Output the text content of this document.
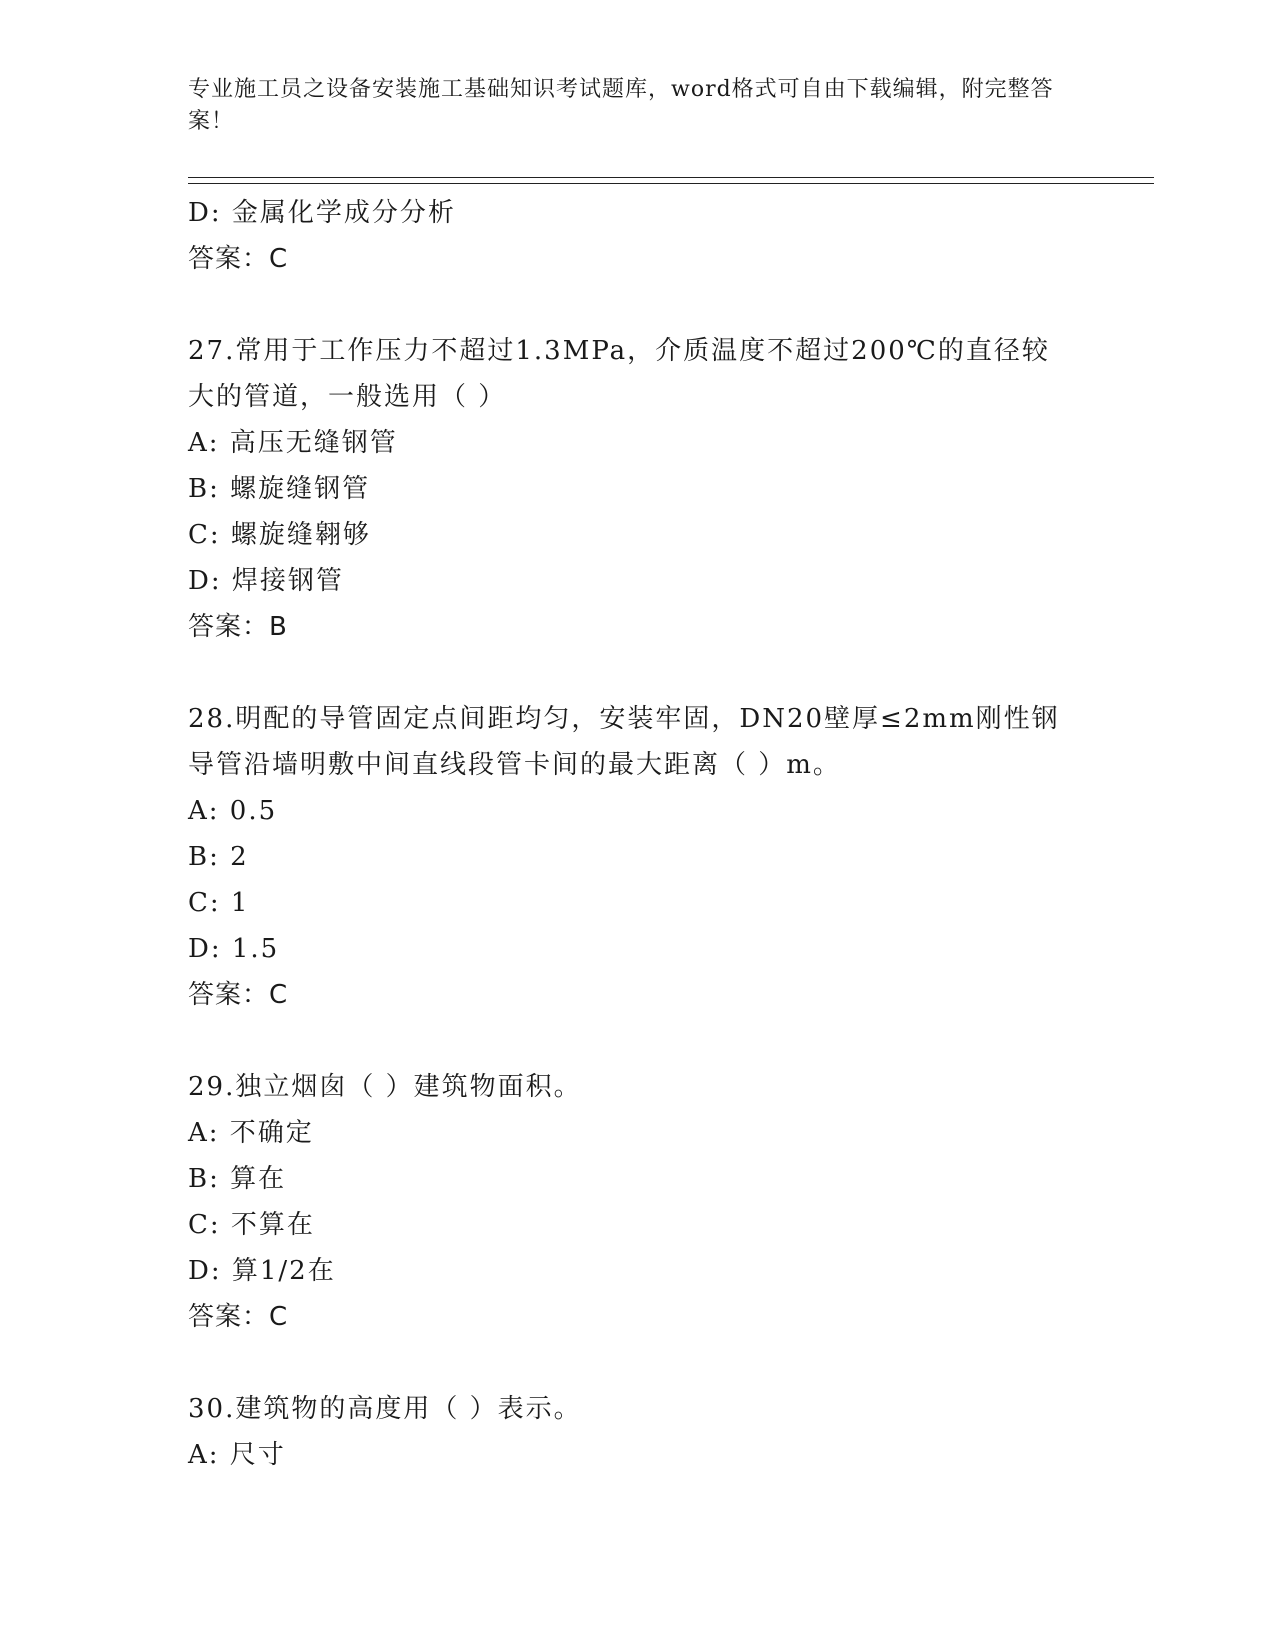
专业施工员之设备安装施工基础知识考试题库，word格式可自由下载编辑，附完整答案！
D: 金属化学成分分析
答案：C
27.常用于工作压力不超过1.3MPa，介质温度不超过200℃的直径较大的管道，一般选用（ ）
A: 高压无缝钢管
B: 螺旋缝钢管
C: 螺旋缝翱够
D: 焊接钢管
答案：B
28.明配的导管固定点间距均匀，安装牢固，DN20壁厚≤2mm刚性钢导管沿墙明敷中间直线段管卡间的最大距离（ ）m。
A: 0.5
B: 2
C: 1
D: 1.5
答案：C
29.独立烟囱（ ）建筑物面积。
A: 不确定
B: 算在
C: 不算在
D: 算1/2在
答案：C
30.建筑物的高度用（ ）表示。
A: 尺寸
